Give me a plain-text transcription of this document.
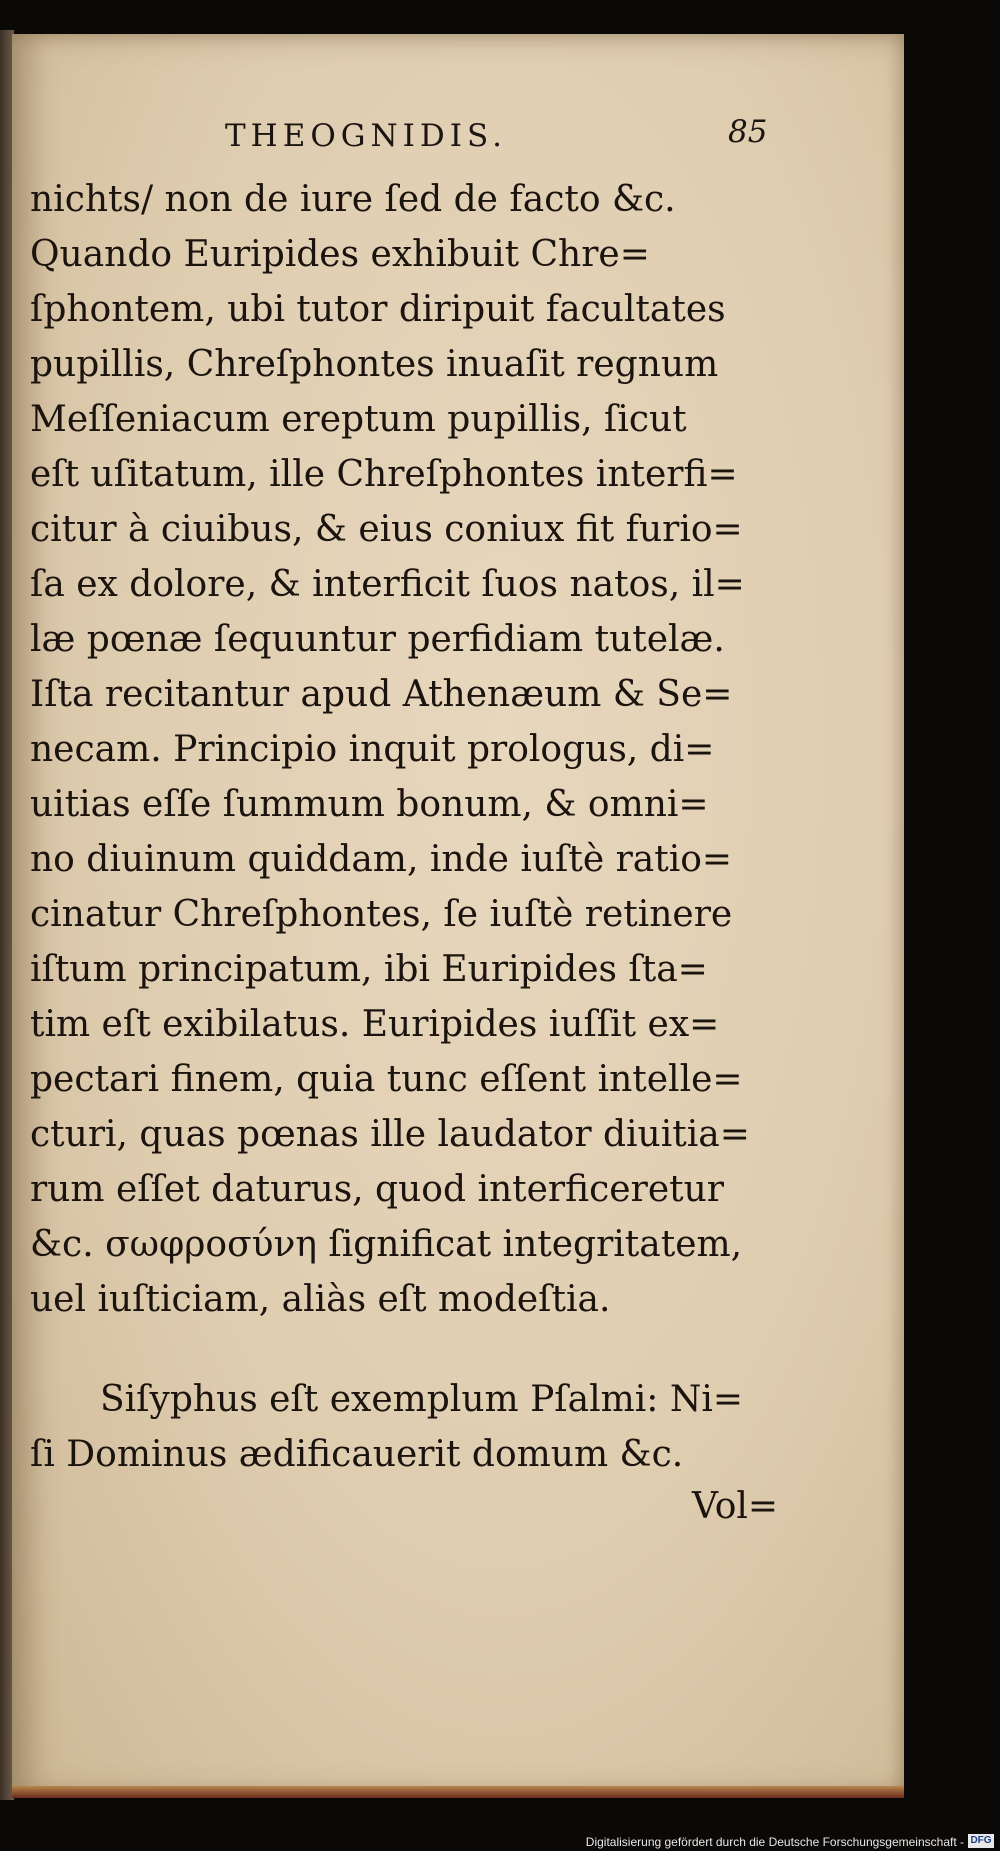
THEOGNIDIS.	85
nichts/ non de iure ſed de facto &c.
Quando Euripides exhibuit Chre=
ſphontem, ubi tutor diripuit facultates
pupillis, Chreſphontes inuaſit regnum
Meſſeniacum ereptum pupillis, ſicut
eſt uſitatum, ille Chreſphontes interfi=
citur à ciuibus, & eius coniux fit furio=
ſa ex dolore, & interficit ſuos natos, il=
læ pœnæ ſequuntur perfidiam tutelæ.
Iſta recitantur apud Athenæum & Se=
necam. Principio inquit prologus, di=
uitias eſſe ſummum bonum, & omni=
no diuinum quiddam, inde iuſtè ratio=
cinatur Chreſphontes, ſe iuſtè retinere
iſtum principatum, ibi Euripides ſta=
tim eſt exibilatus. Euripides iuſſit ex=
pectari finem, quia tunc eſſent intelle=
cturi, quas pœnas ille laudator diuitia=
rum eſſet daturus, quod interficeretur
&c. σωφροσύνη ſignificat integritatem,
uel iuſticiam, aliàs eſt modeſtia.
Siſyphus eſt exemplum Pſalmi: Ni=
ſi Dominus ædificauerit domum &c.
Vol=
Digitalisierung gefördert durch die Deutsche Forschungsgemeinschaft - DFG
